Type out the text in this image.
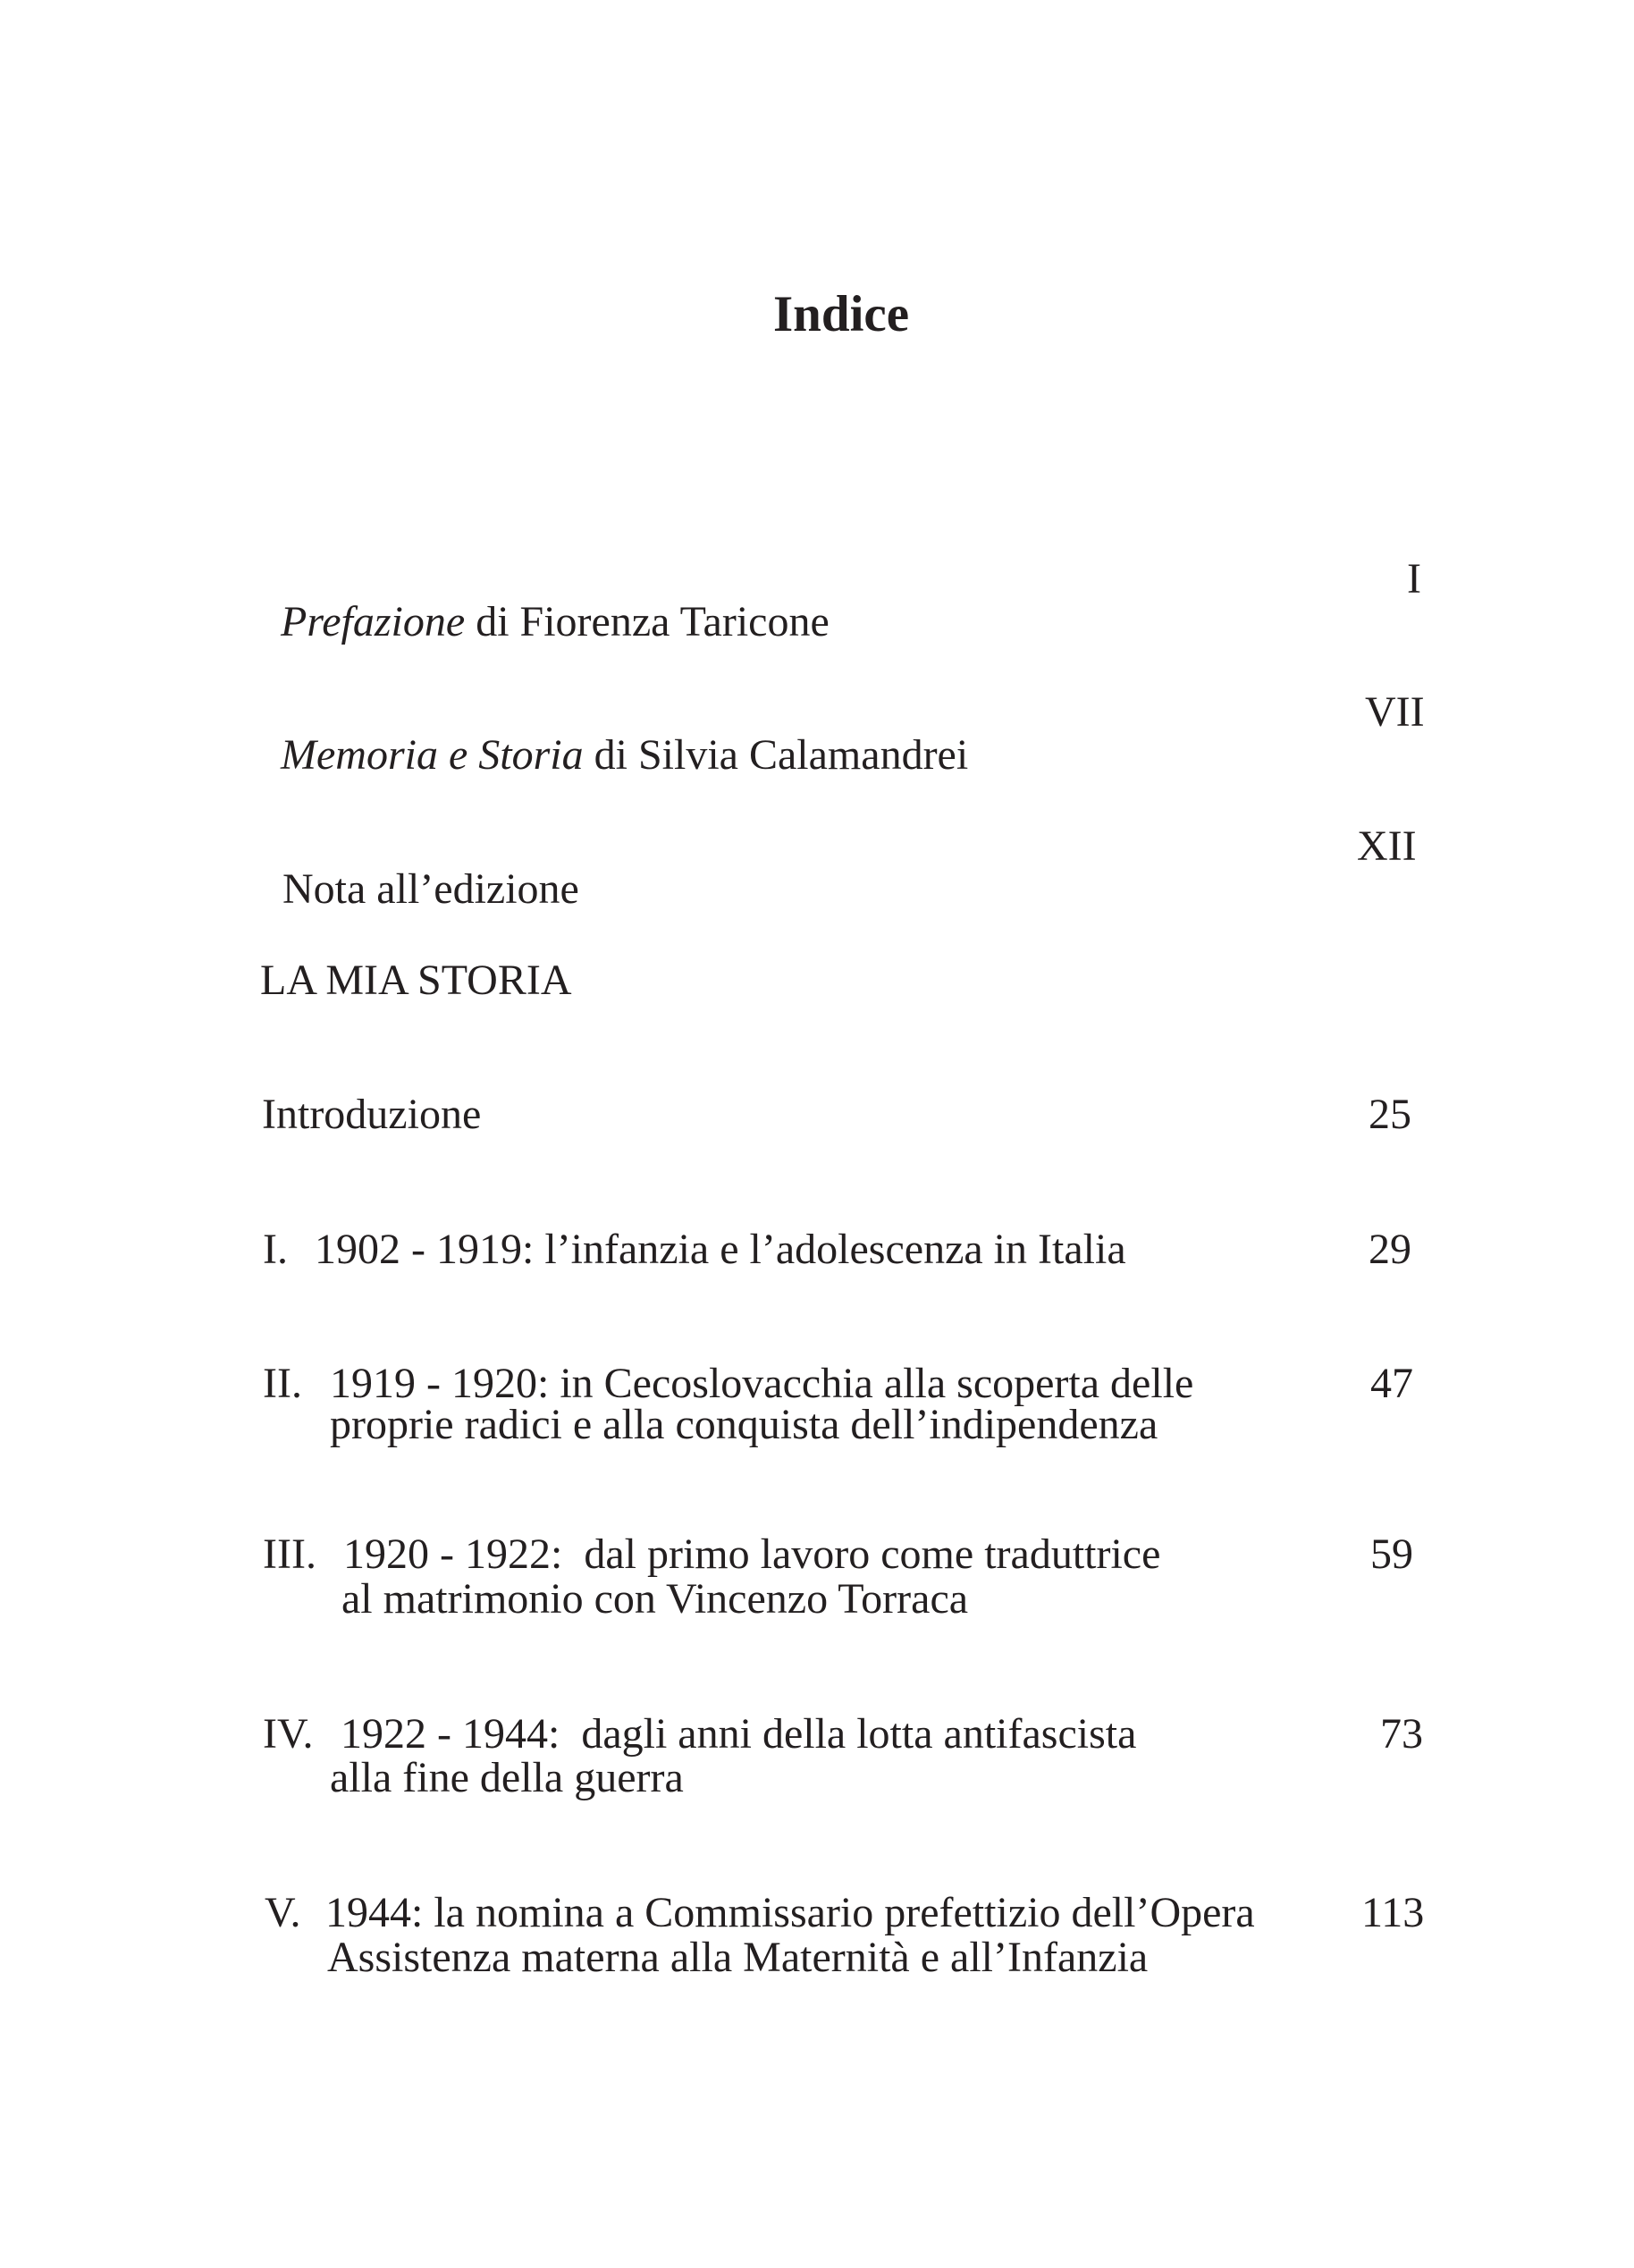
Indice

Prefazione di Fiorenza Taricone

I

Memoria e Storia di Silvia Calamandrei

VII

Nota all’edizione

XII
LA MIA STORIA
Introduzione	25
I. 1902 - 1919: l’infanzia e l’adolescenza in Italia	29
II. 1919 - 1920: in Cecoslovacchia alla scoperta delle
proprie radici e alla conquista dell’indipendenza
47
III. 1920 - 1922:  dal primo lavoro come traduttrice
al matrimonio con Vincenzo Torraca
59
IV. 1922 - 1944:  dagli anni della lotta antifascista
alla fine della guerra
73
V. 1944: la nomina a Commissario prefettizio dell’Opera
Assistenza materna alla Maternità e all’Infanzia
113
